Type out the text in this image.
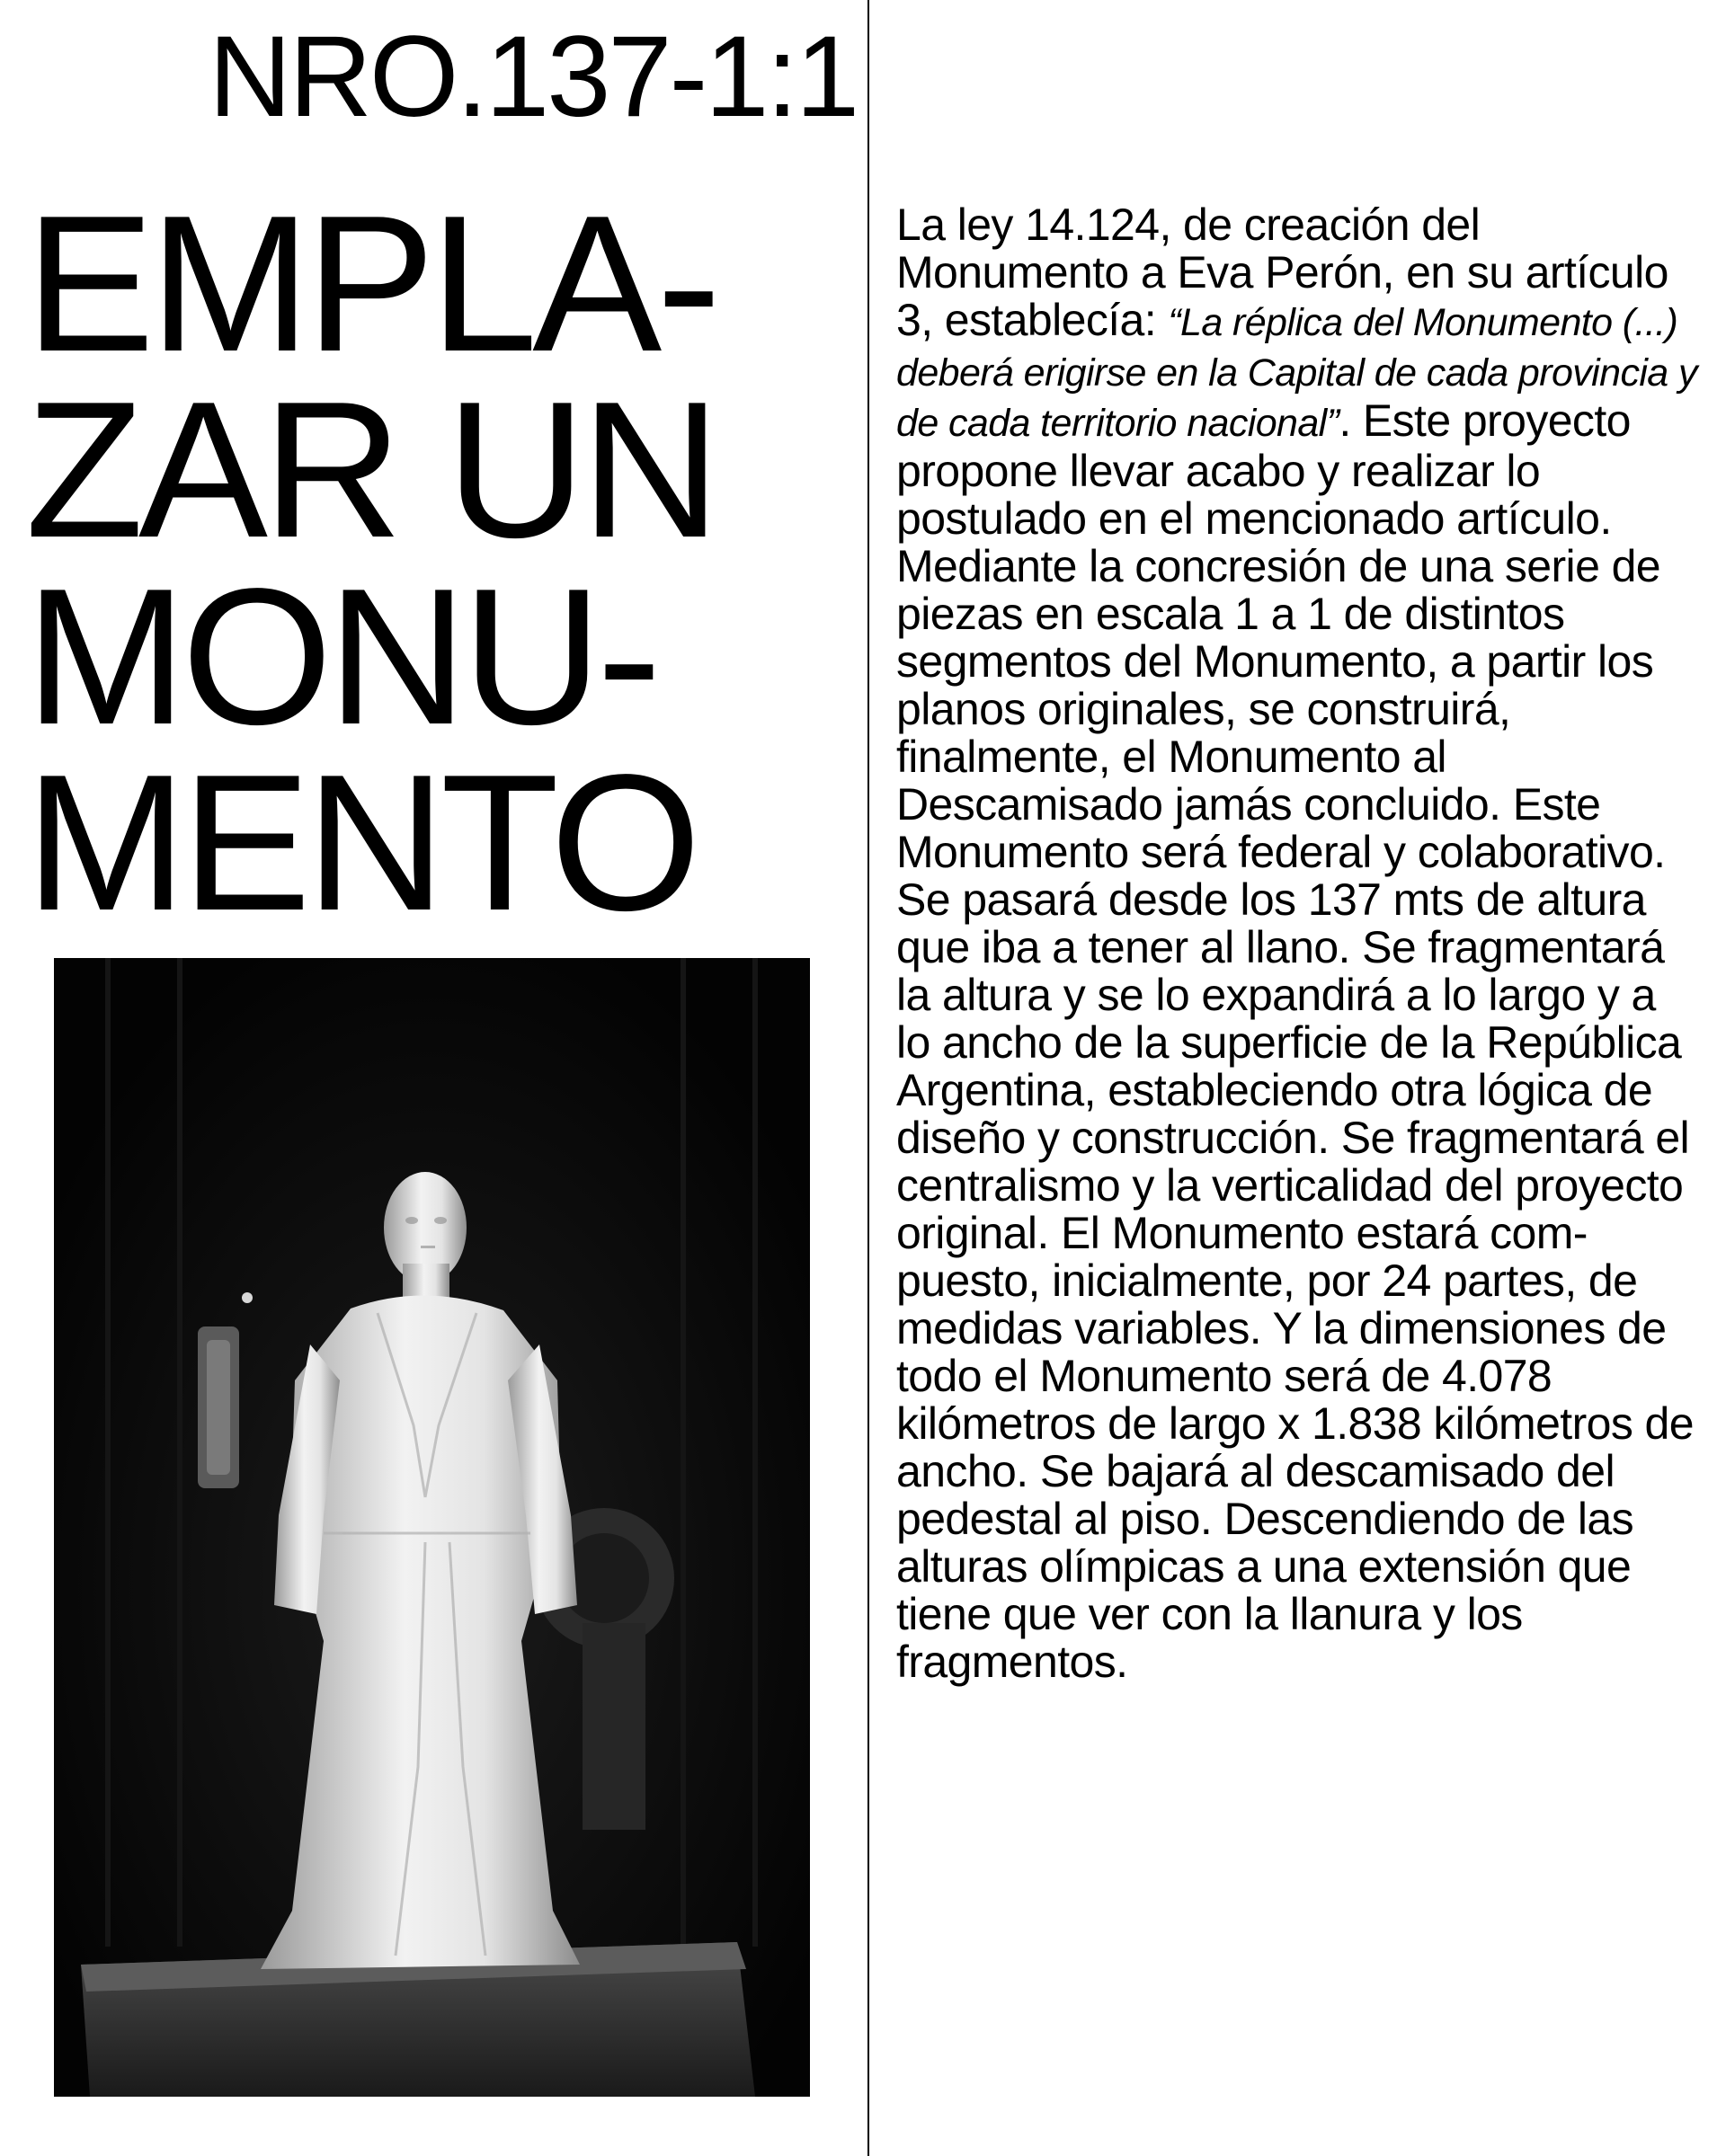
NRO.137-1:1
EMPLA-
ZAR UN
MONU-
MENTO

La ley 14.124, de creación del Monumento a Eva Perón, en su artículo 3, establecía: “La réplica del Monumento (...) deberá erigirse en la Capital de cada provincia y de cada territorio nacional”. Este proyecto propone llevar acabo y realizar lo postulado en el mencionado artículo. Mediante la concresión de una serie de piezas en escala 1 a 1 de distintos segmentos del Monumento, a partir los planos originales, se construirá, finalmente, el Monumento al Descamisado jamás concluido. Este Monumento será federal y colaborativo. Se pasará desde los 137 mts de altura que iba a tener al llano. Se fragmentará la altura y se lo expandirá a lo largo y a lo ancho de la superficie de la República Argentina, estableciendo otra lógica de diseño y construcción. Se fragmentará el centralismo y la verticalidad del proyecto original. El Monumento estará compuesto, inicialmente, por 24 partes, de medidas variables. Y la dimensiones de todo el Monumento será de 4.078 kilómetros de largo x 1.838 kilómetros de ancho. Se bajará al descamisado del pedestal al piso. Descendiendo de las alturas olímpicas a una extensión que tiene que ver con la llanura y los fragmentos.
